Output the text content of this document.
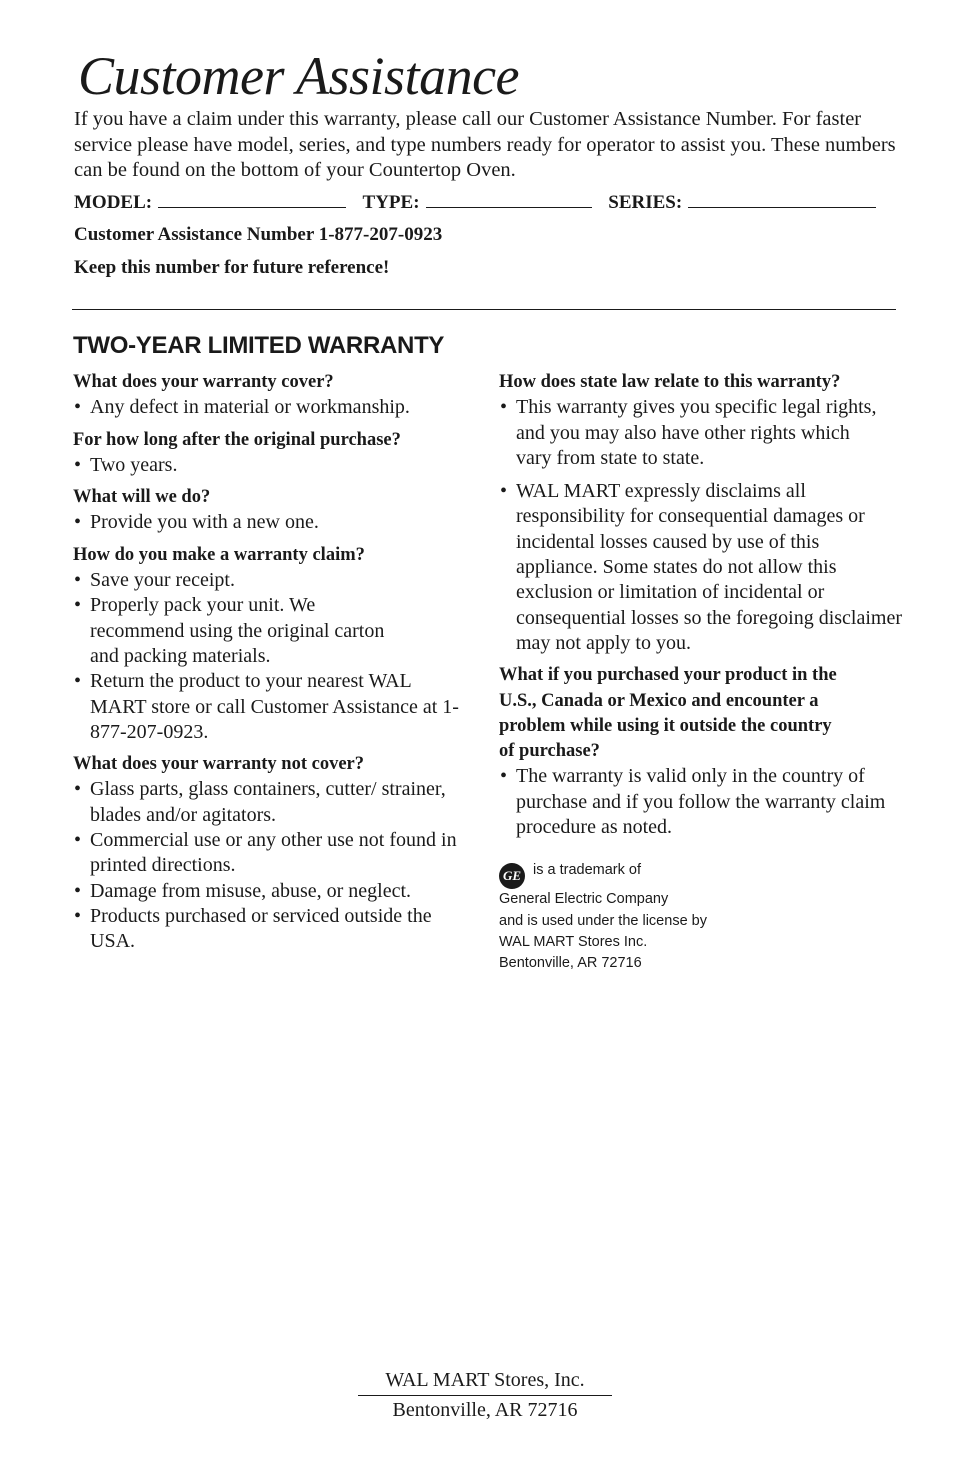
Customer Assistance

If you have a claim under this warranty, please call our Customer Assistance Number. For faster service please have model, series, and type numbers ready for operator to assist you. These numbers can be found on the bottom of your Countertop Oven.

MODEL:	TYPE:	SERIES:

Customer Assistance Number 1-877-207-0923

Keep this number for future reference!

TWO-YEAR LIMITED WARRANTY

What does your warranty cover?

• Any defect in material or workmanship.

For how long after the original purchase?

• Two years.

What will we do?

• Provide you with a new one.

How do you make a warranty claim?

• Save your receipt.
• Properly pack your unit. We recommend using the original carton and packing materials.
• Return the product to your nearest WAL MART store or call Customer Assistance at 1-877-207-0923.

What does your warranty not cover?

• Glass parts, glass containers, cutter/ strainer, blades and/or agitators.
• Commercial use or any other use not found in printed directions.
• Damage from misuse, abuse, or neglect.
• Products purchased or serviced outside the USA.

How does state law relate to this warranty?

• This warranty gives you specific legal rights, and you may also have other rights which vary from state to state.
• WAL MART expressly disclaims all responsibility for consequential damages or incidental losses caused by use of this appliance. Some states do not allow this exclusion or limitation of incidental or consequential losses so the foregoing disclaimer may not apply to you.

What if you purchased your product in the U.S., Canada or Mexico and encounter a problem while using it outside the country of purchase?

• The warranty is valid only in the country of purchase and if you follow the warranty claim procedure as noted.
GE is a trademark of
General Electric Company
and is used under the license by
WAL MART Stores Inc.
Bentonville, AR 72716
WAL MART Stores, Inc.
Bentonville, AR 72716
